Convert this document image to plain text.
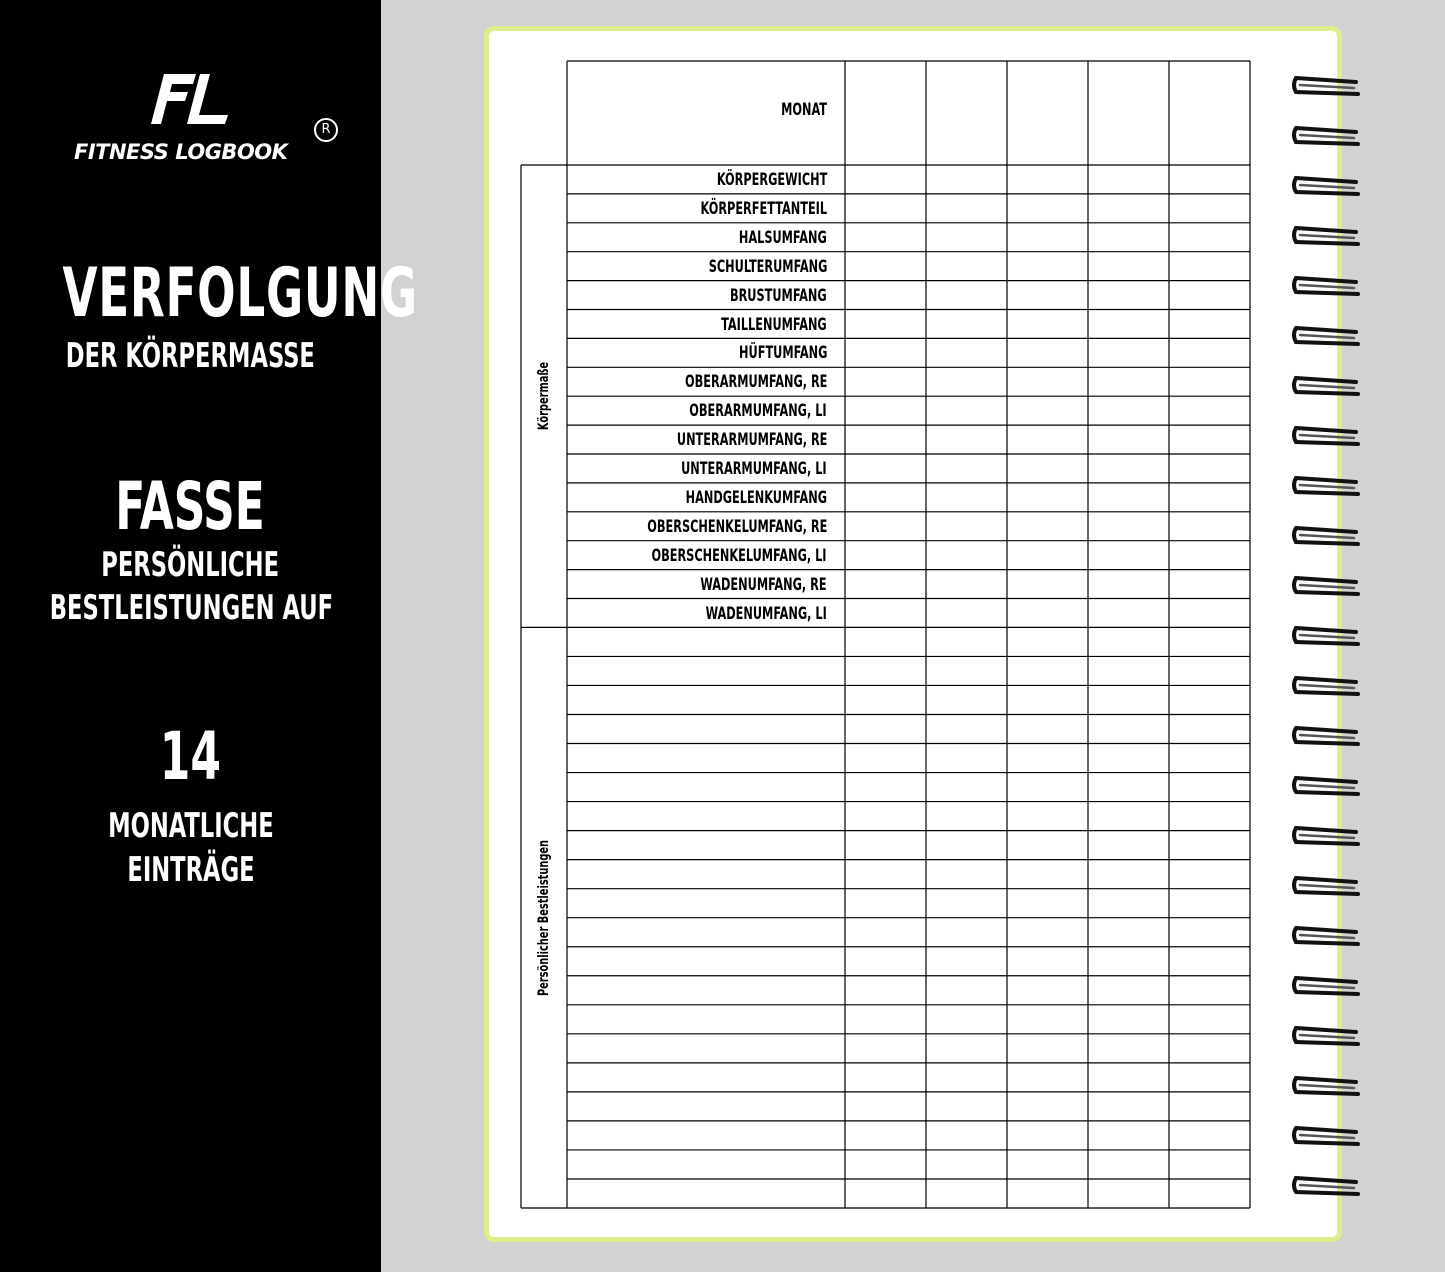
FITNESS LOGBOOK
R
VERFOLGUNG
DER KÖRPERMASSE
FASSE
PERSÖNLICHE
BESTLEISTUNGEN AUF
14
MONATLICHE
EINTRÄGE
MONAT
Körpermaße
Persönlicher Bestleistungen
KÖRPERGEWICHT
KÖRPERFETTANTEIL
HALSUMFANG
SCHULTERUMFANG
BRUSTUMFANG
TAILLENUMFANG
HÜFTUMFANG
OBERARMUMFANG, RE
OBERARMUMFANG, LI
UNTERARMUMFANG, RE
UNTERARMUMFANG, LI
HANDGELENKUMFANG
OBERSCHENKELUMFANG, RE
OBERSCHENKELUMFANG, LI
WADENUMFANG, RE
WADENUMFANG, LI
